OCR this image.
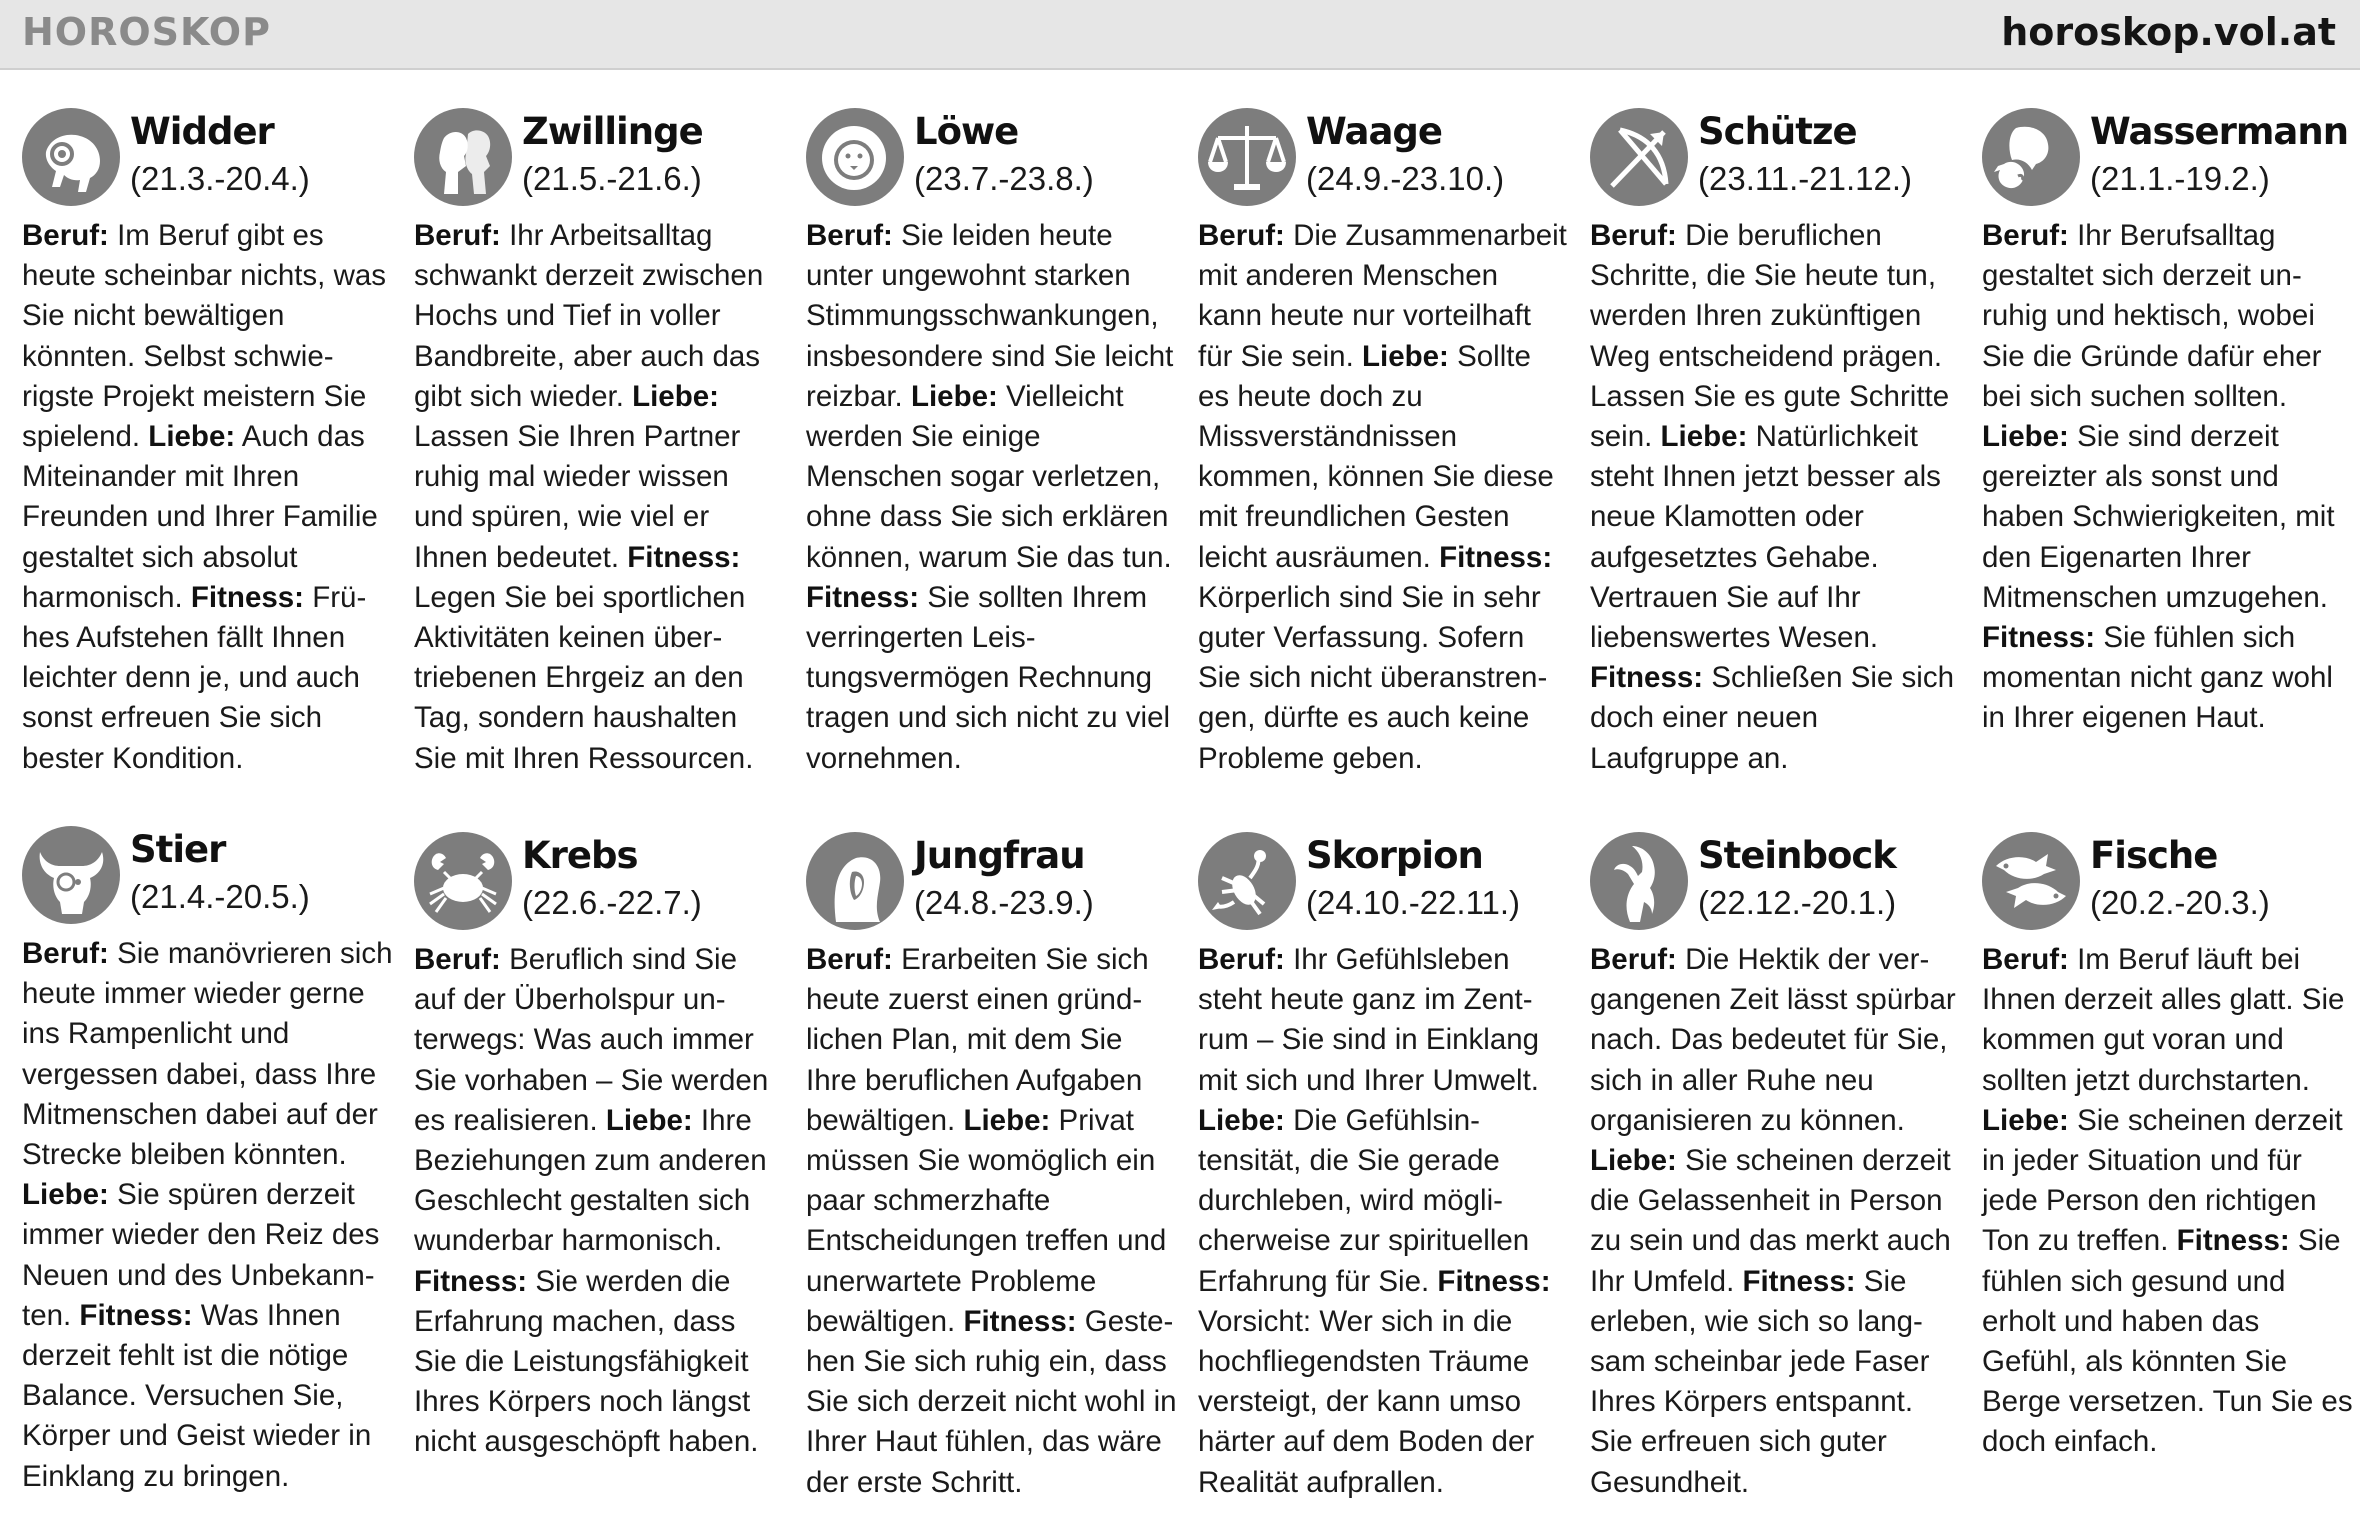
HOROSKOP	horoskop.vol.at
Widder
(21.3.-20.4.)
Beruf: Im Beruf gibt es heute scheinbar nichts, was Sie nicht bewältigen könnten. Selbst schwierigste Projekt meistern Sie spielend. Liebe: Auch das Miteinander mit Ihren Freunden und Ihrer Familie gestaltet sich absolut harmonisch. Fitness: Frühes Aufstehen fällt Ihnen leichter denn je, und auch sonst erfreuen Sie sich bester Kondition.
Zwillinge
(21.5.-21.6.)
Beruf: Ihr Arbeitsalltag schwankt derzeit zwischen Hochs und Tief in voller Bandbreite, aber auch das gibt sich wieder. Liebe: Lassen Sie Ihren Partner ruhig mal wieder wissen und spüren, wie viel er Ihnen bedeutet. Fitness: Legen Sie bei sportlichen Aktivitäten keinen übertriebenen Ehrgeiz an den Tag, sondern haushalten Sie mit Ihren Ressourcen.
Löwe
(23.7.-23.8.)
Beruf: Sie leiden heute unter ungewohnt starken Stimmungsschwankungen, insbesondere sind Sie leicht reizbar. Liebe: Vielleicht werden Sie einige Menschen sogar verletzen, ohne dass Sie sich erklären können, warum Sie das tun. Fitness: Sie sollten Ihrem verringerten Leistungsvermögen Rechnung tragen und sich nicht zu viel vornehmen.
Waage
(24.9.-23.10.)
Beruf: Die Zusammenarbeit mit anderen Menschen kann heute nur vorteilhaft für Sie sein. Liebe: Sollte es heute doch zu Missverständnissen kommen, können Sie diese mit freundlichen Gesten leicht ausräumen. Fitness: Körperlich sind Sie in sehr guter Verfassung. Sofern Sie sich nicht überanstrengen, dürfte es auch keine Probleme geben.
Schütze
(23.11.-21.12.)
Beruf: Die beruflichen Schritte, die Sie heute tun, werden Ihren zukünftigen Weg entscheidend prägen. Lassen Sie es gute Schritte sein. Liebe: Natürlichkeit steht Ihnen jetzt besser als neue Klamotten oder aufgesetztes Gehabe. Vertrauen Sie auf Ihr liebenswertes Wesen. Fitness: Schließen Sie sich doch einer neuen Laufgruppe an.
Wassermann
(21.1.-19.2.)
Beruf: Ihr Berufsalltag gestaltet sich derzeit unruhig und hektisch, wobei Sie die Gründe dafür eher bei sich suchen sollten. Liebe: Sie sind derzeit gereizter als sonst und haben Schwierigkeiten, mit den Eigenarten Ihrer Mitmenschen umzugehen. Fitness: Sie fühlen sich momentan nicht ganz wohl in Ihrer eigenen Haut.
Stier
(21.4.-20.5.)
Beruf: Sie manövrieren sich heute immer wieder gerne ins Rampenlicht und vergessen dabei, dass Ihre Mitmenschen dabei auf der Strecke bleiben könnten. Liebe: Sie spüren derzeit immer wieder den Reiz des Neuen und des Unbekannten. Fitness: Was Ihnen derzeit fehlt ist die nötige Balance. Versuchen Sie, Körper und Geist wieder in Einklang zu bringen.
Krebs
(22.6.-22.7.)
Beruf: Beruflich sind Sie auf der Überholspur unterwegs: Was auch immer Sie vorhaben – Sie werden es realisieren. Liebe: Ihre Beziehungen zum anderen Geschlecht gestalten sich wunderbar harmonisch. Fitness: Sie werden die Erfahrung machen, dass Sie die Leistungsfähigkeit Ihres Körpers noch längst nicht ausgeschöpft haben.
Jungfrau
(24.8.-23.9.)
Beruf: Erarbeiten Sie sich heute zuerst einen gründlichen Plan, mit dem Sie Ihre beruflichen Aufgaben bewältigen. Liebe: Privat müssen Sie womöglich ein paar schmerzhafte Entscheidungen treffen und unerwartete Probleme bewältigen. Fitness: Gestehen Sie sich ruhig ein, dass Sie sich derzeit nicht wohl in Ihrer Haut fühlen, das wäre der erste Schritt.
Skorpion
(24.10.-22.11.)
Beruf: Ihr Gefühlsleben steht heute ganz im Zentrum – Sie sind in Einklang mit sich und Ihrer Umwelt. Liebe: Die Gefühlsintensität, die Sie gerade durchleben, wird möglicherweise zur spirituellen Erfahrung für Sie. Fitness: Vorsicht: Wer sich in die hochfliegendsten Träume versteigt, der kann umso härter auf dem Boden der Realität aufprallen.
Steinbock
(22.12.-20.1.)
Beruf: Die Hektik der vergangenen Zeit lässt spürbar nach. Das bedeutet für Sie, sich in aller Ruhe neu organisieren zu können. Liebe: Sie scheinen derzeit die Gelassenheit in Person zu sein und das merkt auch Ihr Umfeld. Fitness: Sie erleben, wie sich so langsam scheinbar jede Faser Ihres Körpers entspannt. Sie erfreuen sich guter Gesundheit.
Fische
(20.2.-20.3.)
Beruf: Im Beruf läuft bei Ihnen derzeit alles glatt. Sie kommen gut voran und sollten jetzt durchstarten. Liebe: Sie scheinen derzeit in jeder Situation und für jede Person den richtigen Ton zu treffen. Fitness: Sie fühlen sich gesund und erholt und haben das Gefühl, als könnten Sie Berge versetzen. Tun Sie es doch einfach.
